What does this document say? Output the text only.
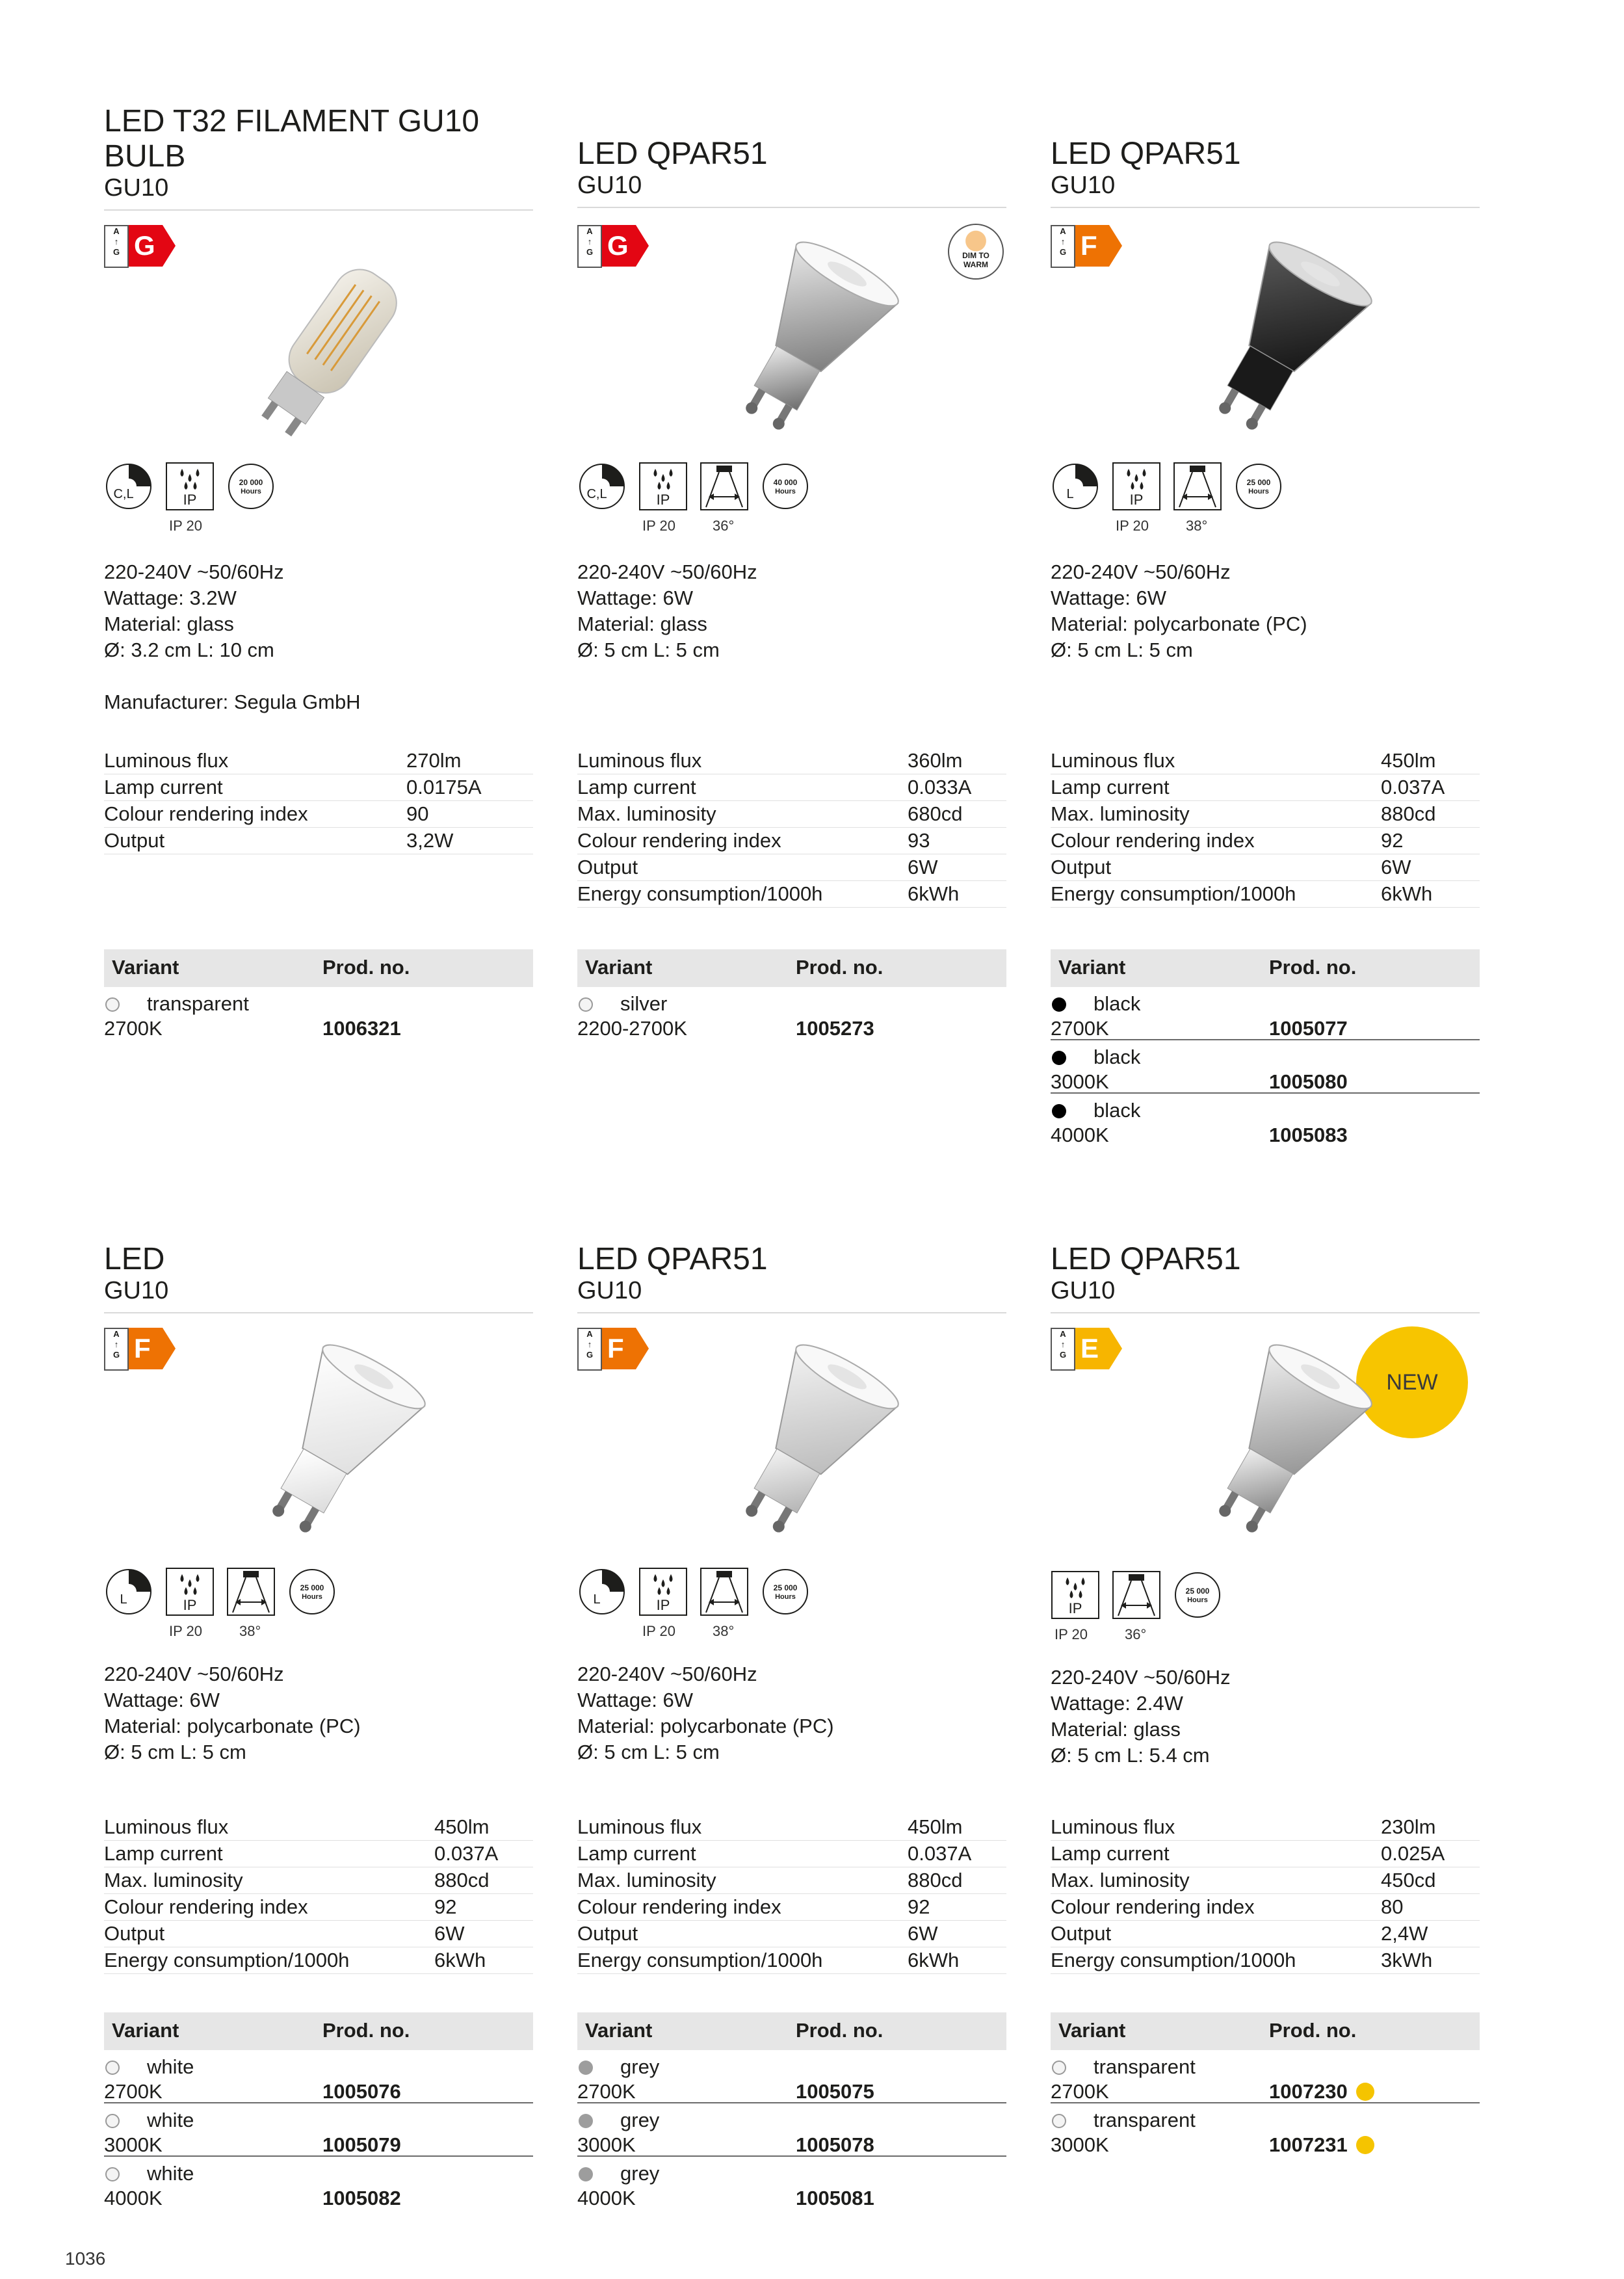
LED T32 FILAMENT GU10 BULB

GU10

A
↑
G G
C,L	IP
20 000
Hours
IP 20

220-240V ~50/60Hz

Wattage: 3.2W

Material: glass

Ø: 3.2 cm L: 10 cm

Manufacturer: Segula GmbH

Luminous flux	270lm
Lamp current	0.0175A
Colour rendering index	90
Output	3,2W
Variant	Prod. no.
transparent
2700K	1006321
LED QPAR51

GU10

A
↑
G G	DIM TO WARM
C,L	IP
40 000
Hours
IP 20	36°

220-240V ~50/60Hz

Wattage: 6W

Material: glass

Ø: 5 cm L: 5 cm

Luminous flux	360lm
Lamp current	0.033A
Max. luminosity	680cd
Colour rendering index	93
Output	6W
Energy consumption/1000h	6kWh
Variant	Prod. no.
silver
2200-2700K	1005273
LED QPAR51

GU10

A
↑
G F
L	IP
25 000
Hours
IP 20	38°

220-240V ~50/60Hz

Wattage: 6W

Material: polycarbonate (PC)

Ø: 5 cm L: 5 cm

Luminous flux	450lm
Lamp current	0.037A
Max. luminosity	880cd
Colour rendering index	92
Output	6W
Energy consumption/1000h	6kWh
Variant	Prod. no.
black
2700K	1005077
black
3000K	1005080
black
4000K	1005083
LED

GU10

A
↑
G F
L	IP
25 000
Hours
IP 20	38°

220-240V ~50/60Hz

Wattage: 6W

Material: polycarbonate (PC)

Ø: 5 cm L: 5 cm

Luminous flux	450lm
Lamp current	0.037A
Max. luminosity	880cd
Colour rendering index	92
Output	6W
Energy consumption/1000h	6kWh
Variant	Prod. no.
white
2700K	1005076
white
3000K	1005079
white
4000K	1005082
LED QPAR51

GU10

A
↑
G F
L	IP
25 000
Hours
IP 20	38°

220-240V ~50/60Hz

Wattage: 6W

Material: polycarbonate (PC)

Ø: 5 cm L: 5 cm

Luminous flux	450lm
Lamp current	0.037A
Max. luminosity	880cd
Colour rendering index	92
Output	6W
Energy consumption/1000h	6kWh
Variant	Prod. no.
grey
2700K	1005075
grey
3000K	1005078
grey
4000K	1005081
LED QPAR51

GU10

A
↑
G E
NEW
IP
25 000
Hours
IP 20	36°

220-240V ~50/60Hz

Wattage: 2.4W

Material: glass

Ø: 5 cm L: 5.4 cm

Luminous flux	230lm
Lamp current	0.025A
Max. luminosity	450cd
Colour rendering index	80
Output	2,4W
Energy consumption/1000h	3kWh
Variant	Prod. no.
transparent
2700K	1007230
transparent
3000K	1007231
1036
